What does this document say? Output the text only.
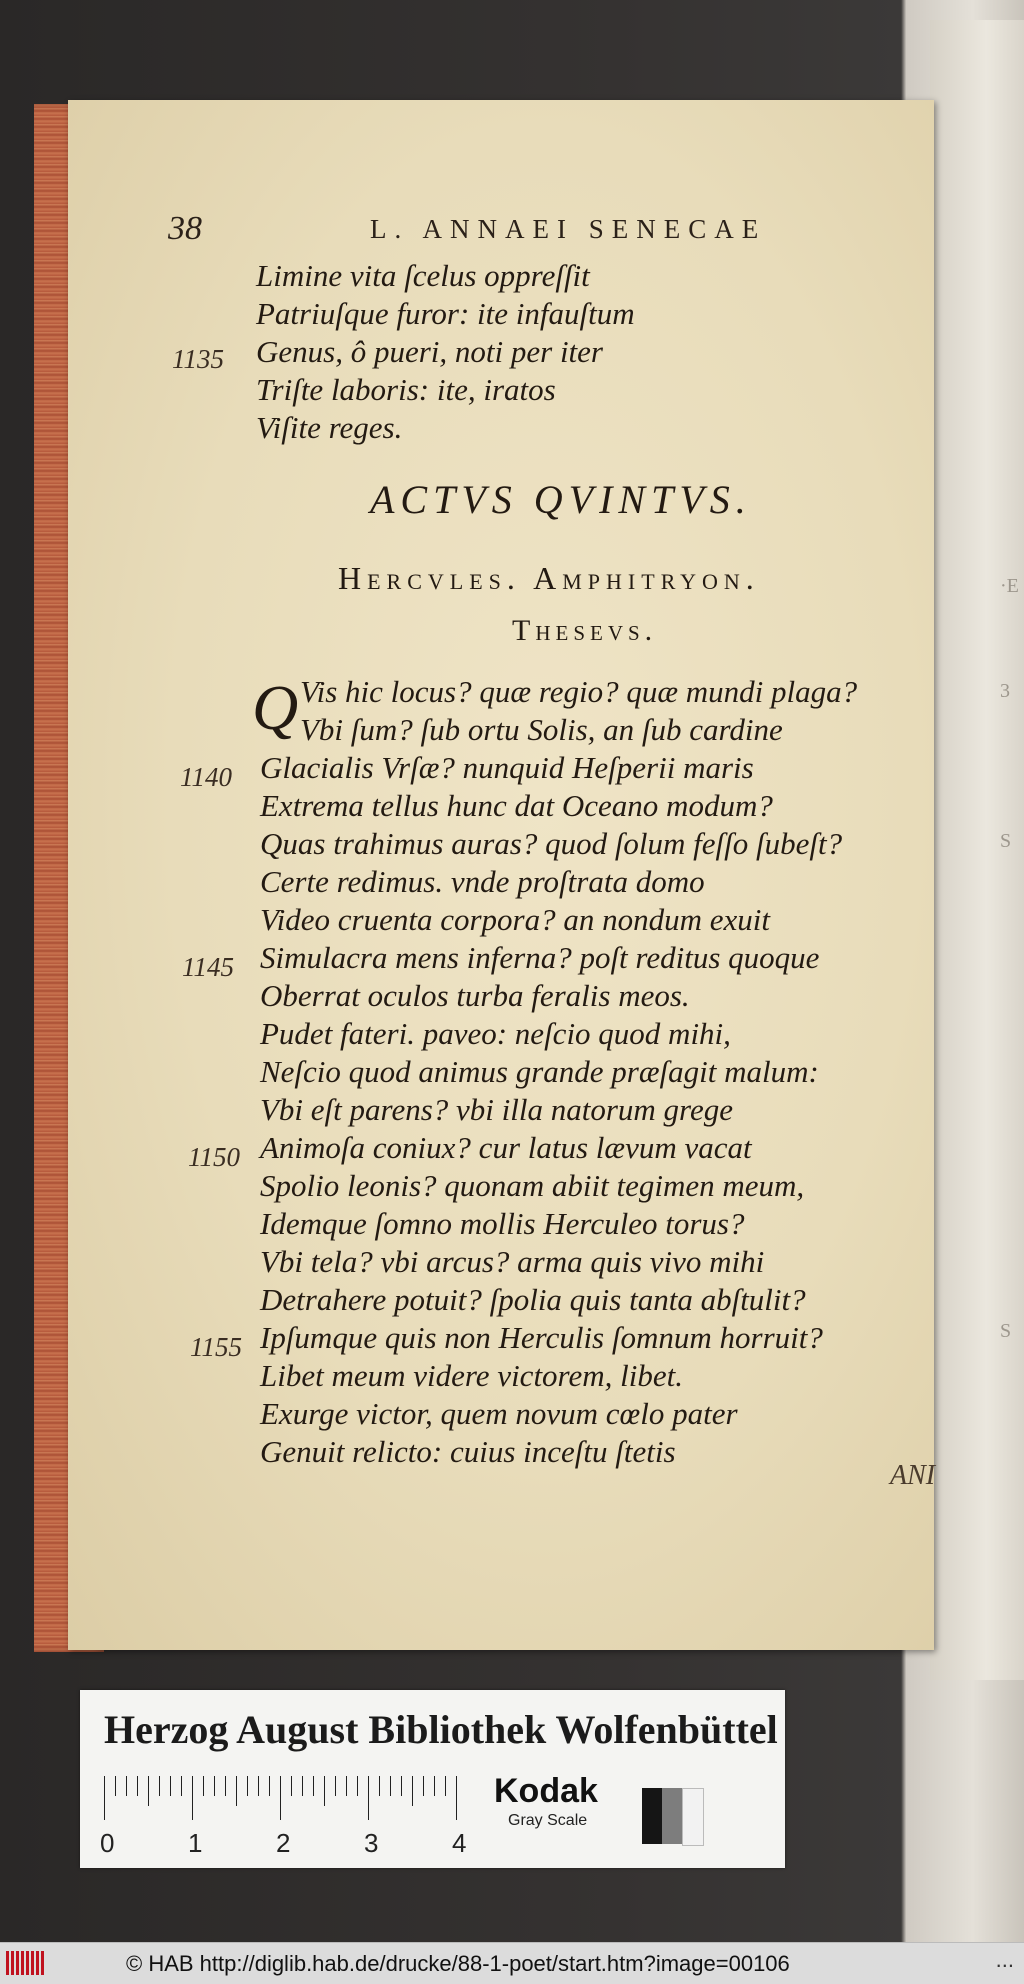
·E
3
S
S
38	L. ANNAEI SENECAE
Limine vita ſcelus oppreſſit
Patriuſque furor: ite infauſtum
Genus, ô pueri, noti per iter
Triſte laboris: ite, iratos
Viſite reges.
1135
ACTVS QVINTVS.
Hercvles. Amphitryon.
Thesevs.
Q Vis hic locus? quæ regio? quæ mundi plaga?
Vbi ſum? ſub ortu Solis, an ſub cardine
Glacialis Vrſæ? nunquid Heſperii maris
Extrema tellus hunc dat Oceano modum?
Quas trahimus auras? quod ſolum feſſo ſubeſt?
Certe redimus. vnde proſtrata domo
Video cruenta corpora? an nondum exuit
Simulacra mens inferna? poſt reditus quoque
Oberrat oculos turba feralis meos.
Pudet fateri. paveo: neſcio quod mihi,
Neſcio quod animus grande præſagit malum:
Vbi eſt parens? vbi illa natorum grege
Animoſa coniux? cur latus lævum vacat
Spolio leonis? quonam abiit tegimen meum,
Idemque ſomno mollis Herculeo torus?
Vbi tela? vbi arcus? arma quis vivo mihi
Detrahere potuit? ſpolia quis tanta abſtulit?
Ipſumque quis non Herculis ſomnum horruit?
Libet meum videre victorem, libet.
Exurge victor, quem novum cœlo pater
Genuit relicto: cuius inceſtu ſtetis
1140
1145
1150
1155
ANI
Herzog August Bibliothek Wolfenbüttel
0	1	2	3	4
Kodak
Gray Scale
© HAB http://diglib.hab.de/drucke/88-1-poet/start.htm?image=00106	...
